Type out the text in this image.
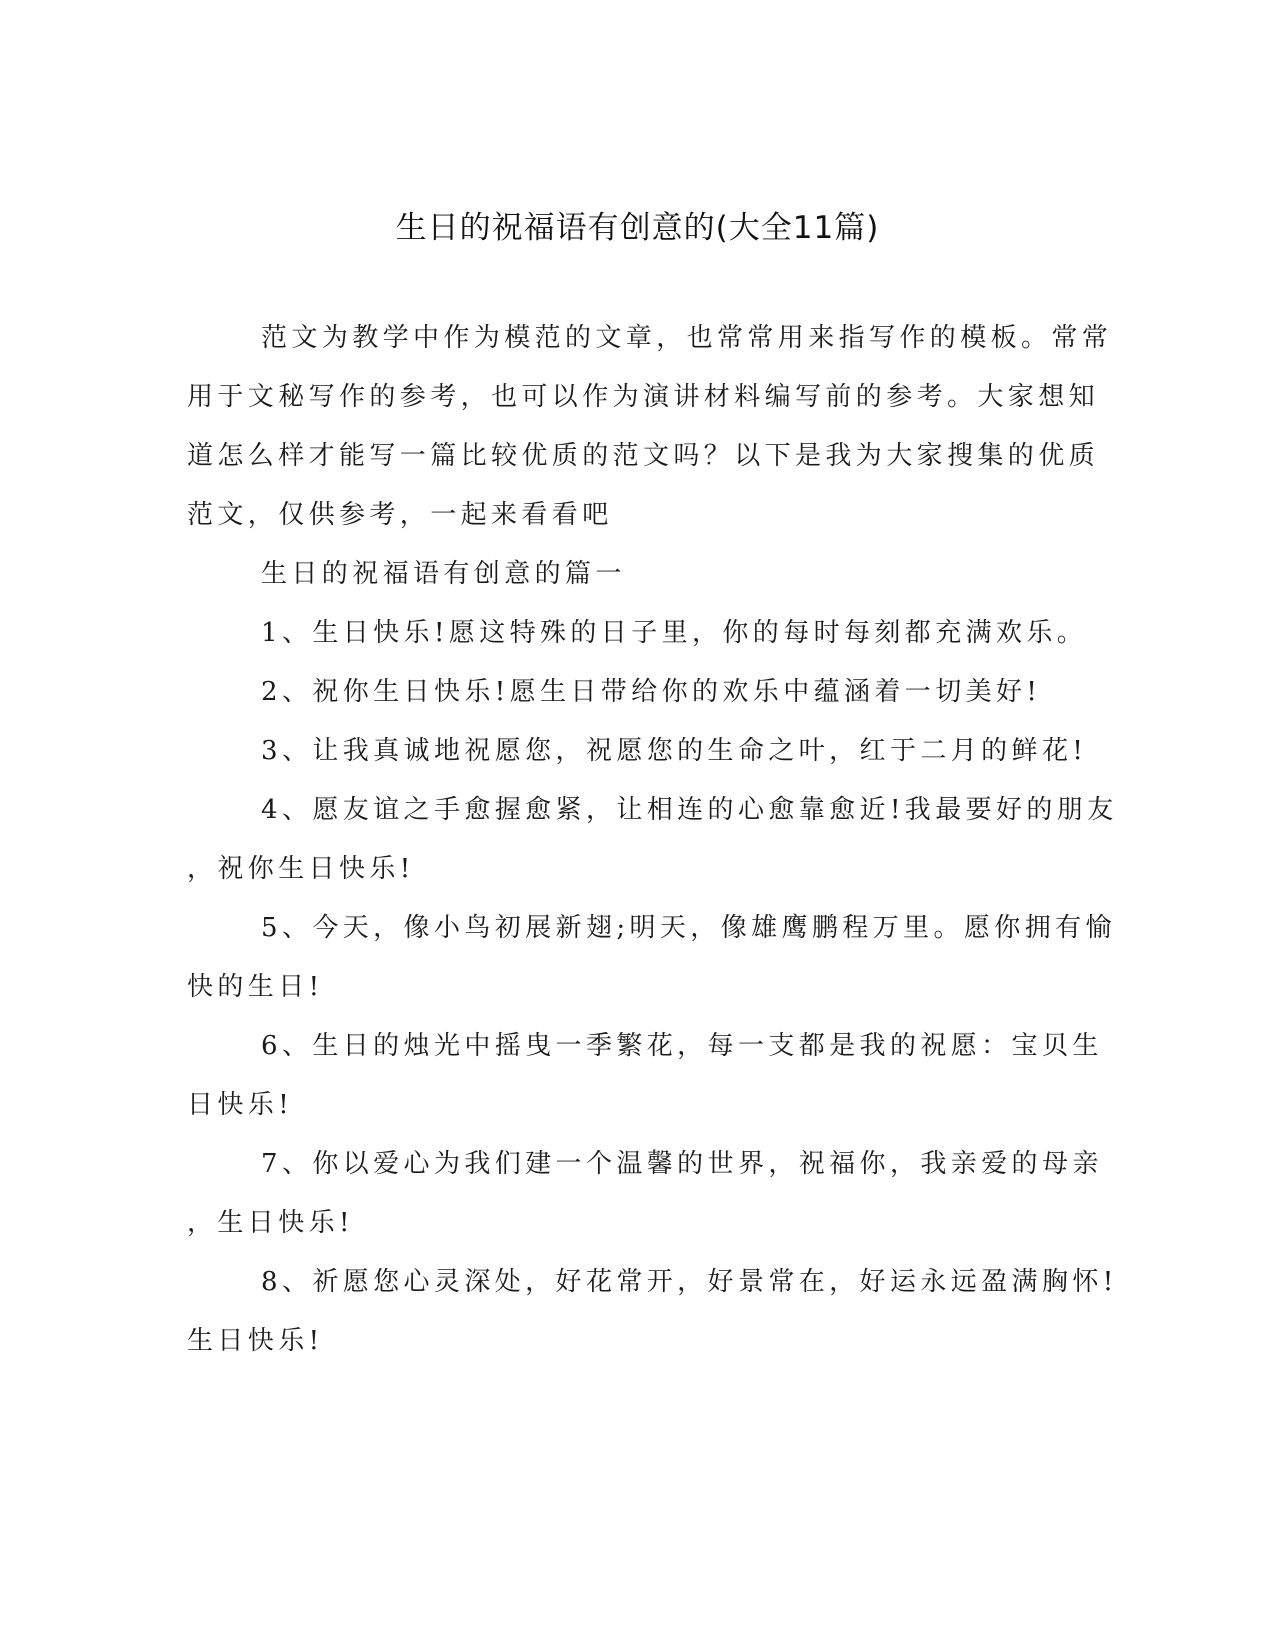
生日的祝福语有创意的(大全11篇)
范文为教学中作为模范的文章，也常常用来指写作的模板。常常
用于文秘写作的参考，也可以作为演讲材料编写前的参考。大家想知
道怎么样才能写一篇比较优质的范文吗？以下是我为大家搜集的优质
范文，仅供参考，一起来看看吧
生日的祝福语有创意的篇一
1、生日快乐!愿这特殊的日子里，你的每时每刻都充满欢乐。
2、祝你生日快乐!愿生日带给你的欢乐中蕴涵着一切美好!
3、让我真诚地祝愿您，祝愿您的生命之叶，红于二月的鲜花!
4、愿友谊之手愈握愈紧，让相连的心愈靠愈近!我最要好的朋友
，祝你生日快乐!
5、今天，像小鸟初展新翅;明天，像雄鹰鹏程万里。愿你拥有愉
快的生日!
6、生日的烛光中摇曳一季繁花，每一支都是我的祝愿：宝贝生
日快乐!
7、你以爱心为我们建一个温馨的世界，祝福你，我亲爱的母亲
，生日快乐!
8、祈愿您心灵深处，好花常开，好景常在，好运永远盈满胸怀!
生日快乐!
